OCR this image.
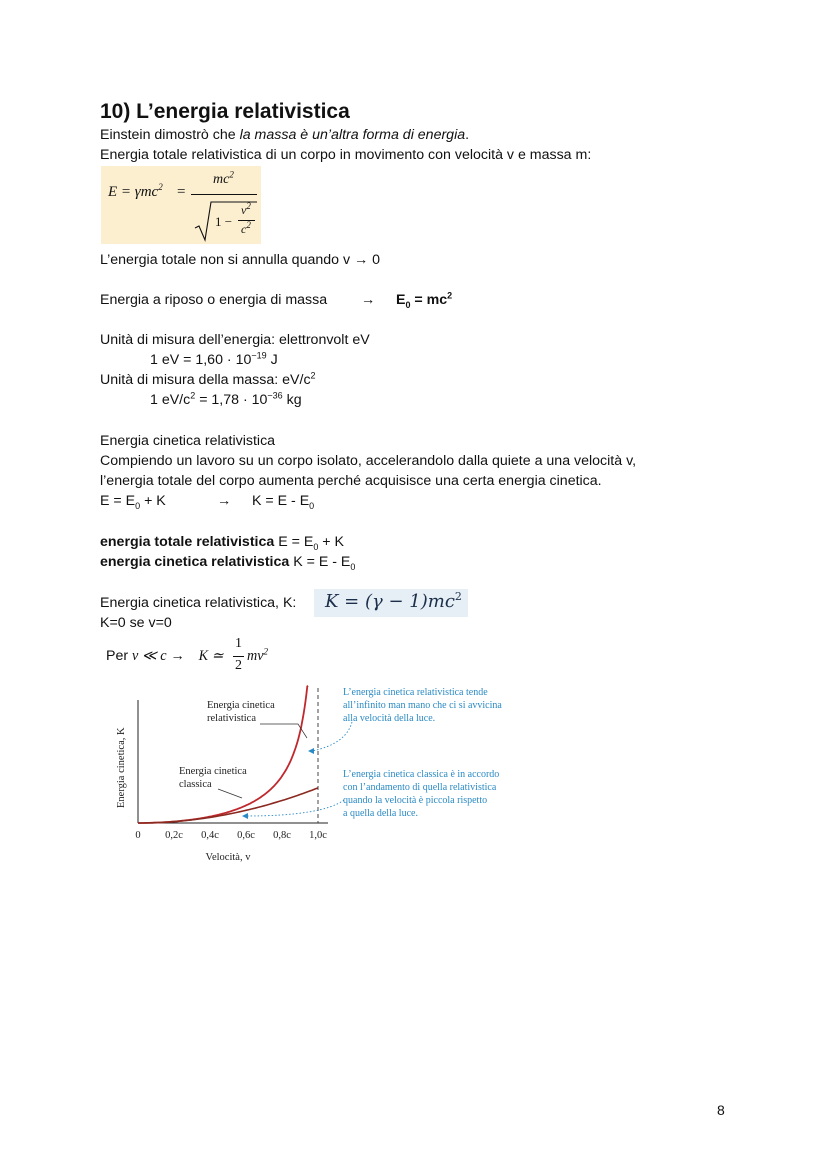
10) L’energia relativistica
Einstein dimostrò che la massa è un’altra forma di energia.
Energia totale relativistica di un corpo in movimento con velocità v e massa m:
E = γmc$^2$ =
$mc^2$
1 −
$v^2$
$c^2$
L’energia totale non si annulla quando v → 0
Energia a riposo o energia di massa → $E_0 = mc^2$
Unità di misura dell’energia: elettronvolt eV
1 eV = $1,60 \cdot 10^{-19}$ J
Unità di misura della massa: $eV/c^2$
1 $eV/c^2 = 1,78 \cdot 10^{-36}$ kg
Energia cinetica relativistica
Compiendo un lavoro su un corpo isolato, accelerandolo dalla quiete a una velocità v,
l’energia totale del corpo aumenta perché acquisisce una certa energia cinetica.
$E = E_0 + K$	→ $K = E - E_0$
energia totale relativistica $E = E_0 + K$
energia cinetica relativistica $K = E - E_0$
Energia cinetica relativistica, K: $K = (\gamma - 1)mc^2$
K=0 se v=0
Per v ≪ c → K ≃
1
2
$mv^2$
0 0,2c 0,4c 0,6c 0,8c 1,0c
Energia cinetica
relativistica
Energia cinetica
classica
Energia cinetica, K
Velocità, v
L’energia cinetica relativistica tende
all’infinito man mano che ci si avvicina
alla velocità della luce.
L’energia cinetica classica è in accordo
con l’andamento di quella relativistica
quando la velocità è piccola rispetto
a quella della luce.
8
